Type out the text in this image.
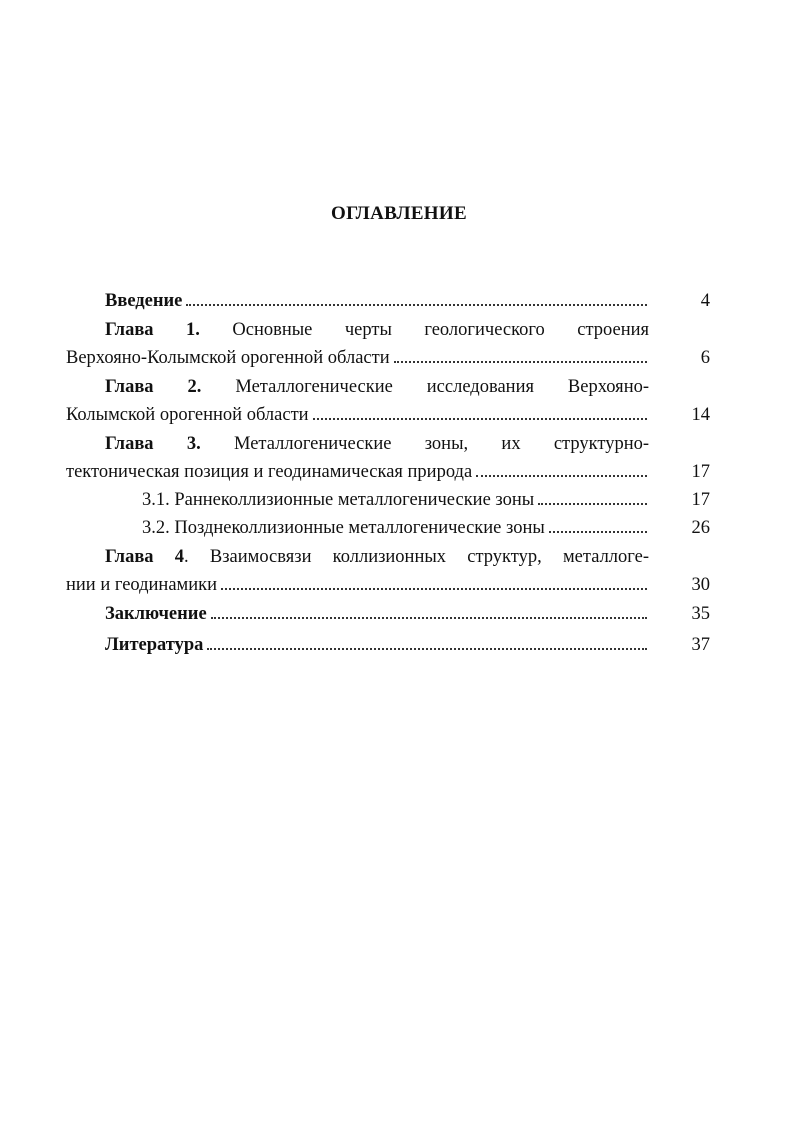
ОГЛАВЛЕНИЕ
Введение	4
Глава 1. Основные черты геологического строения
Верхояно-Колымской орогенной области	6
Глава 2. Металлогенические исследования Верхояно-
Колымской орогенной области	14
Глава 3. Металлогенические зоны, их структурно-
тектоническая позиция и геодинамическая природа	17
3.1. Раннеколлизионные металлогенические зоны	17
3.2. Позднеколлизионные металлогенические зоны	26
Глава 4. Взаимосвязи коллизионных структур, металлоге-
нии и геодинамики	30
Заключение	35
Литература	37
